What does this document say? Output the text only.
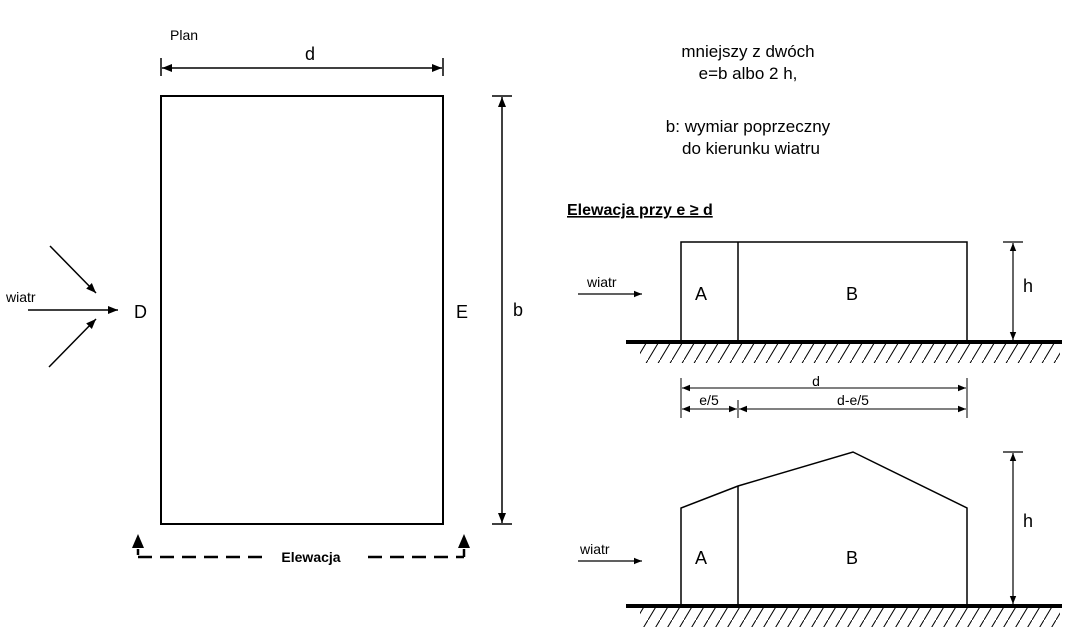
Plan
d
b
D	E
wiatr
Elewacja
mniejszy z dwóch
e=b albo 2 h,
b: wymiar poprzeczny
do kierunku wiatru
Elewacja przy e ≥ d
A	B
wiatr	h
d
e/5	d-e/5
A	B
wiatr
h
